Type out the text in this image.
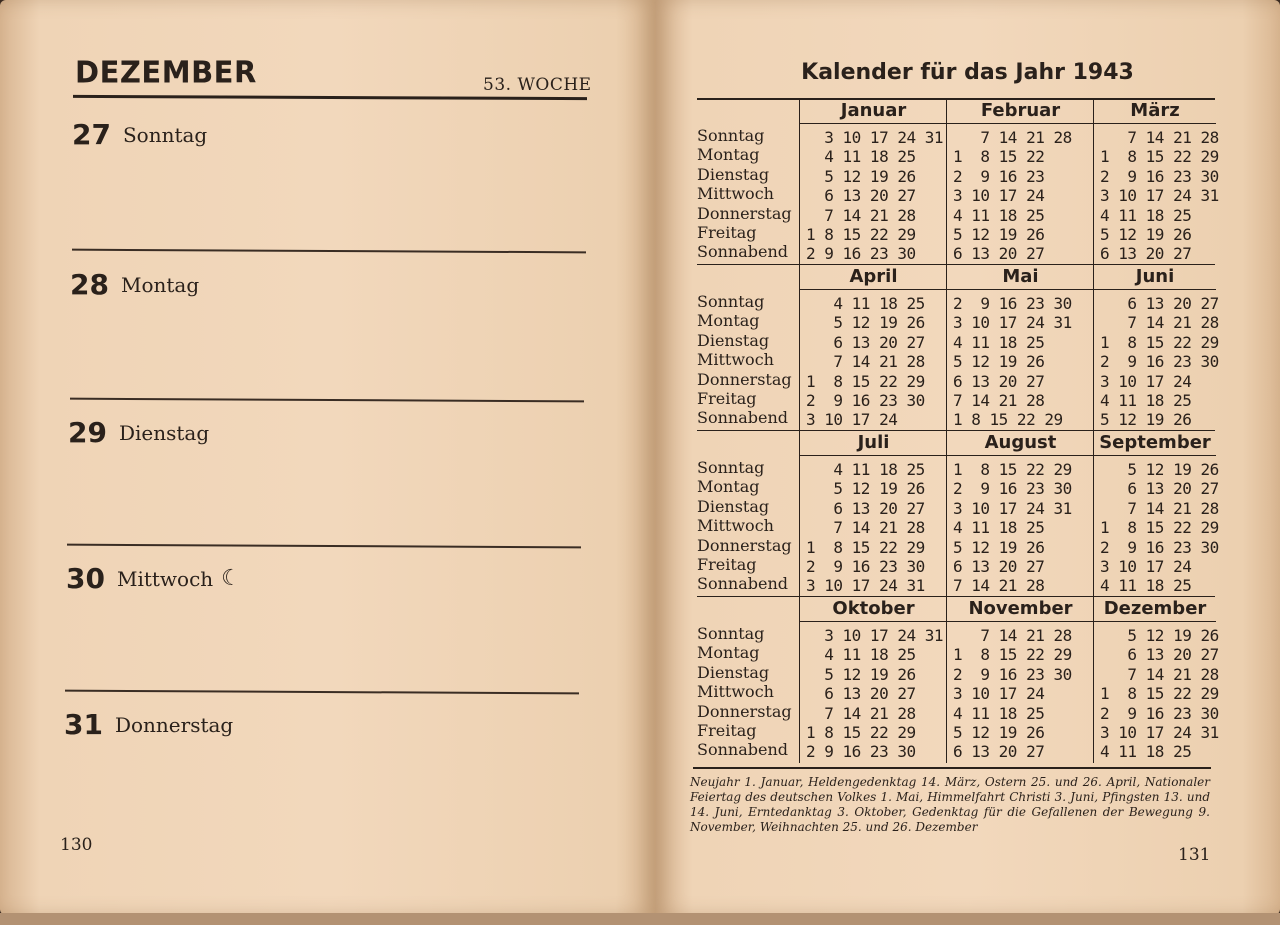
DEZEMBER	53. WOCHE
27 Sonntag
28 Montag
29 Dienstag
30 Mittwoch ☾
31 Donnerstag
130
Kalender für das Jahr 1943
131
Sonntag
Montag
Dienstag
Mittwoch
Donnerstag
Freitag
Sonnabend
Januar
3 10 17 24 31
4 11 18 25
5 12 19 26
6 13 20 27
7 14 21 28
1 8 15 22 29
2 9 16 23 30
Februar
7 14 21 28
1  8 15 22
2  9 16 23
3 10 17 24
4 11 18 25
5 12 19 26
6 13 20 27
März
7 14 21 28
1  8 15 22 29
2  9 16 23 30
3 10 17 24 31
4 11 18 25
5 12 19 26
6 13 20 27
Sonntag
Montag
Dienstag
Mittwoch
Donnerstag
Freitag
Sonnabend
April
4 11 18 25
5 12 19 26
6 13 20 27
7 14 21 28
1  8 15 22 29
2  9 16 23 30
3 10 17 24
Mai
2  9 16 23 30
3 10 17 24 31
4 11 18 25
5 12 19 26
6 13 20 27
7 14 21 28
1 8 15 22 29
Juni
6 13 20 27
7 14 21 28
1  8 15 22 29
2  9 16 23 30
3 10 17 24
4 11 18 25
5 12 19 26
Sonntag
Montag
Dienstag
Mittwoch
Donnerstag
Freitag
Sonnabend
Juli
4 11 18 25
5 12 19 26
6 13 20 27
7 14 21 28
1  8 15 22 29
2  9 16 23 30
3 10 17 24 31
August
1  8 15 22 29
2  9 16 23 30
3 10 17 24 31
4 11 18 25
5 12 19 26
6 13 20 27
7 14 21 28
September
5 12 19 26
6 13 20 27
7 14 21 28
1  8 15 22 29
2  9 16 23 30
3 10 17 24
4 11 18 25
Sonntag
Montag
Dienstag
Mittwoch
Donnerstag
Freitag
Sonnabend
Oktober
3 10 17 24 31
4 11 18 25
5 12 19 26
6 13 20 27
7 14 21 28
1 8 15 22 29
2 9 16 23 30
November
7 14 21 28
1  8 15 22 29
2  9 16 23 30
3 10 17 24
4 11 18 25
5 12 19 26
6 13 20 27
Dezember
5 12 19 26
6 13 20 27
7 14 21 28
1  8 15 22 29
2  9 16 23 30
3 10 17 24 31
4 11 18 25
Neujahr 1. Januar, Heldengedenktag 14. März, Ostern 25. und 26. April, Nationaler Feiertag des deutschen Volkes 1. Mai, Himmelfahrt Christi 3. Juni, Pfingsten 13. und 14. Juni, Erntedanktag 3. Oktober, Gedenktag für die Gefallenen der Bewegung 9. November, Weihnachten 25. und 26. Dezember
